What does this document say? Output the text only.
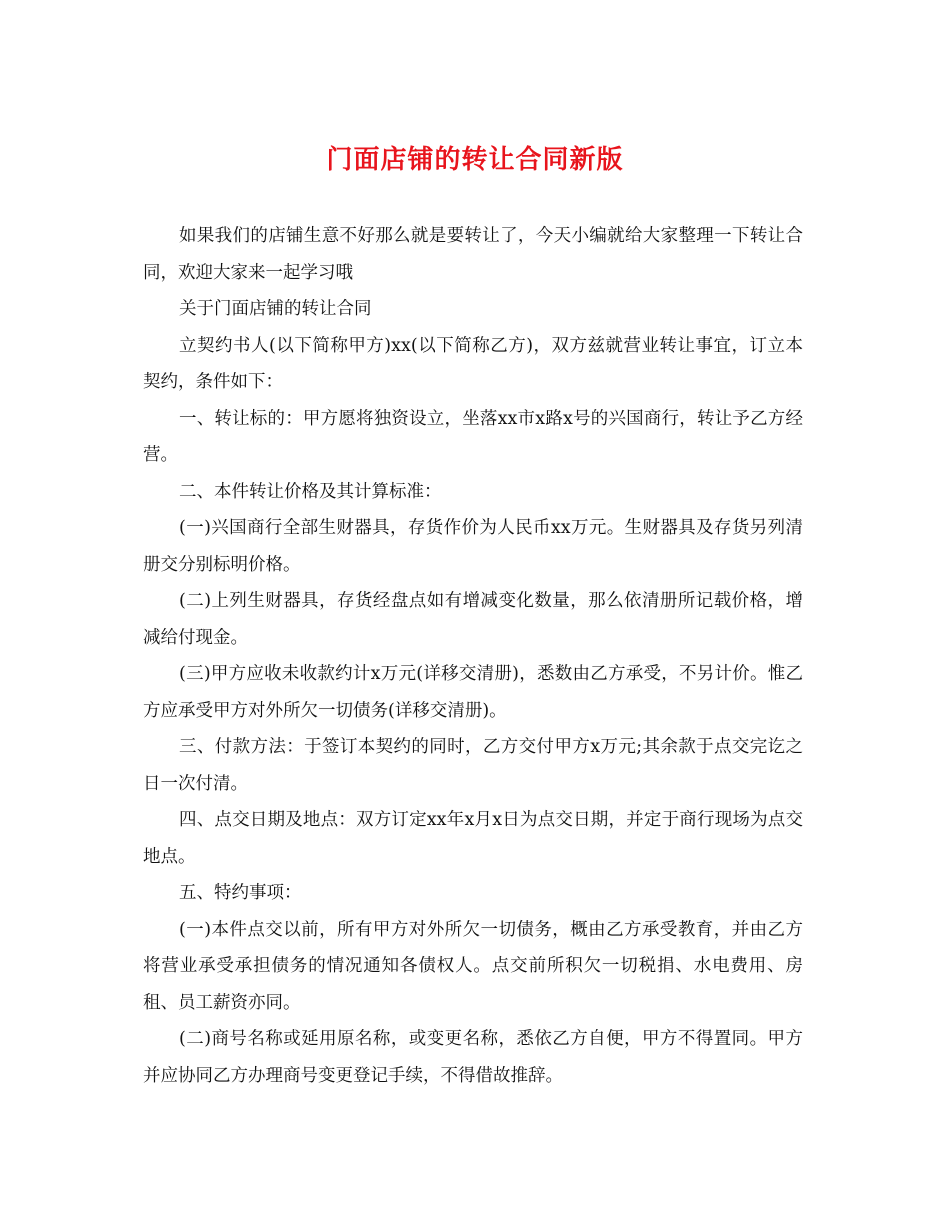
门面店铺的转让合同新版

如果我们的店铺生意不好那么就是要转让了，今天小编就给大家整理一下转让合同，欢迎大家来一起学习哦

关于门面店铺的转让合同

立契约书人(以下简称甲方)xx(以下简称乙方)，双方兹就营业转让事宜，订立本契约，条件如下：

一、转让标的：甲方愿将独资设立，坐落xx市x路x号的兴国商行，转让予乙方经营。

二、本件转让价格及其计算标准：

(一)兴国商行全部生财器具，存货作价为人民币xx万元。生财器具及存货另列清册交分别标明价格。

(二)上列生财器具，存货经盘点如有增减变化数量，那么依清册所记载价格，增减给付现金。

(三)甲方应收未收款约计x万元(详移交清册)，悉数由乙方承受，不另计价。惟乙方应承受甲方对外所欠一切债务(详移交清册)。

三、付款方法：于签订本契约的同时，乙方交付甲方x万元;其余款于点交完讫之日一次付清。

四、点交日期及地点：双方订定xx年x月x日为点交日期，并定于商行现场为点交地点。

五、特约事项：

(一)本件点交以前，所有甲方对外所欠一切债务，概由乙方承受教育，并由乙方将营业承受承担债务的情况通知各债权人。点交前所积欠一切税捐、水电费用、房租、员工薪资亦同。

(二)商号名称或延用原名称，或变更名称，悉依乙方自便，甲方不得置同。甲方并应协同乙方办理商号变更登记手续，不得借故推辞。
